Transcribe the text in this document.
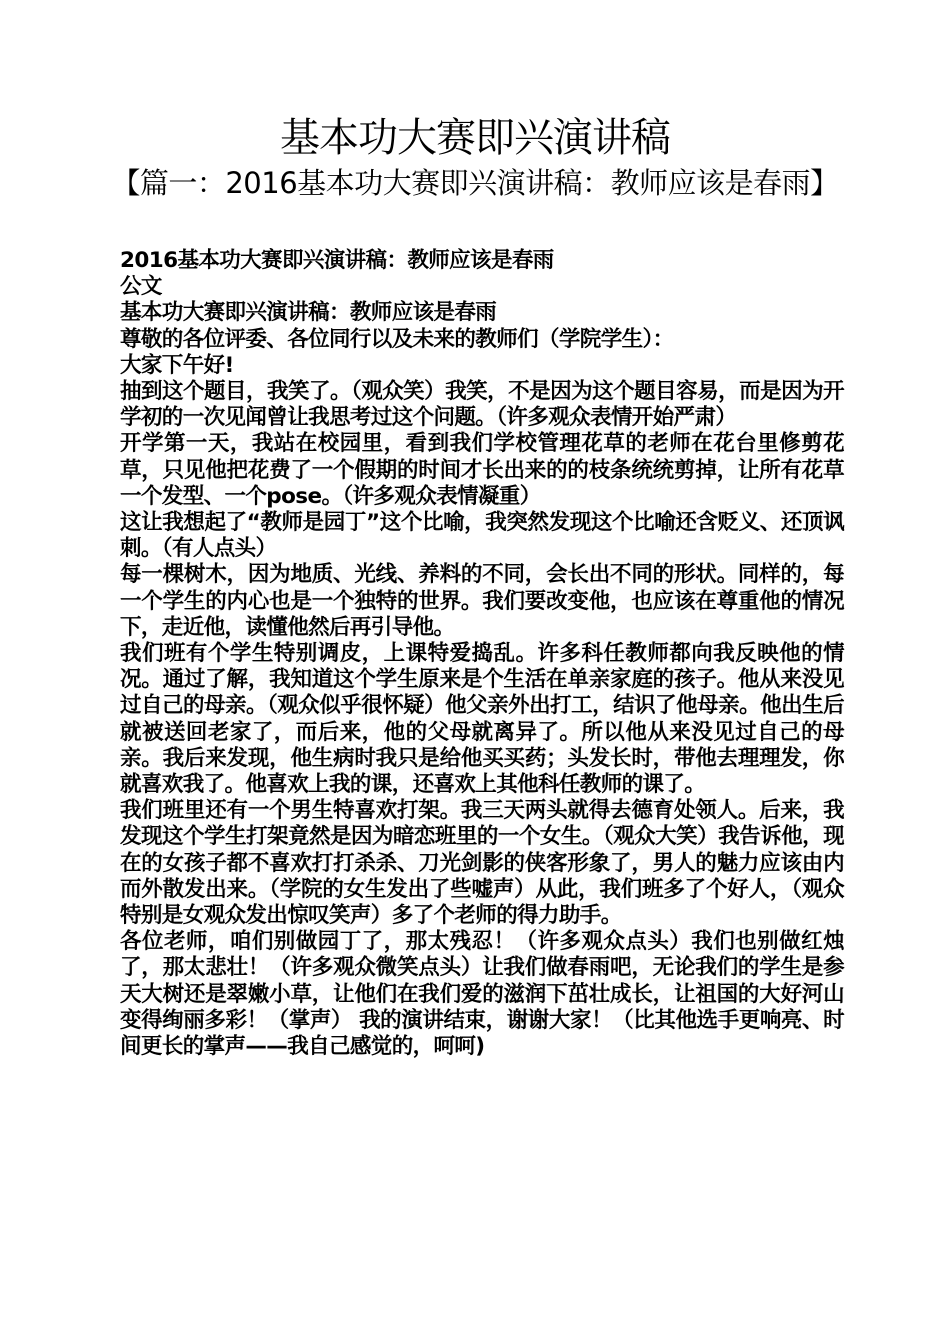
基本功大赛即兴演讲稿
【篇一：2016基本功大赛即兴演讲稿：教师应该是春雨】

2016基本功大赛即兴演讲稿：教师应该是春雨

公文

基本功大赛即兴演讲稿：教师应该是春雨

尊敬的各位评委、各位同行以及未来的教师们（学院学生）：

大家下午好!

抽到这个题目，我笑了。（观众笑）我笑，不是因为这个题目容易，而是因为开学初的一次见闻曾让我思考过这个问题。（许多观众表情开始严肃）

开学第一天，我站在校园里，看到我们学校管理花草的老师在花台里修剪花草，只见他把花费了一个假期的时间才长出来的的枝条统统剪掉，让所有花草一个发型、一个pose。（许多观众表情凝重）

这让我想起了“教师是园丁”这个比喻，我突然发现这个比喻还含贬义、还顶讽刺。（有人点头）

每一棵树木，因为地质、光线、养料的不同，会长出不同的形状。同样的，每一个学生的内心也是一个独特的世界。我们要改变他，也应该在尊重他的情况下，走近他，读懂他然后再引导他。

我们班有个学生特别调皮，上课特爱捣乱。许多科任教师都向我反映他的情况。通过了解，我知道这个学生原来是个生活在单亲家庭的孩子。他从来没见过自己的母亲。（观众似乎很怀疑）他父亲外出打工，结识了他母亲。他出生后就被送回老家了，而后来，他的父母就离异了。所以他从来没见过自己的母亲。我后来发现，他生病时我只是给他买买药；头发长时，带他去理理发，你就喜欢我了。他喜欢上我的课，还喜欢上其他科任教师的课了。

我们班里还有一个男生特喜欢打架。我三天两头就得去德育处领人。后来，我发现这个学生打架竟然是因为暗恋班里的一个女生。（观众大笑）我告诉他，现在的女孩子都不喜欢打打杀杀、刀光剑影的侠客形象了，男人的魅力应该由内而外散发出来。（学院的女生发出了些嘘声）从此，我们班多了个好人，（观众特别是女观众发出惊叹笑声）多了个老师的得力助手。

各位老师，咱们别做园丁了，那太残忍！（许多观众点头）我们也别做红烛了，那太悲壮！（许多观众微笑点头）让我们做春雨吧，无论我们的学生是参天大树还是翠嫩小草，让他们在我们爱的滋润下茁壮成长，让祖国的大好河山变得绚丽多彩！（掌声） 我的演讲结束，谢谢大家！（比其他选手更响亮、时间更长的掌声——我自己感觉的，呵呵)
